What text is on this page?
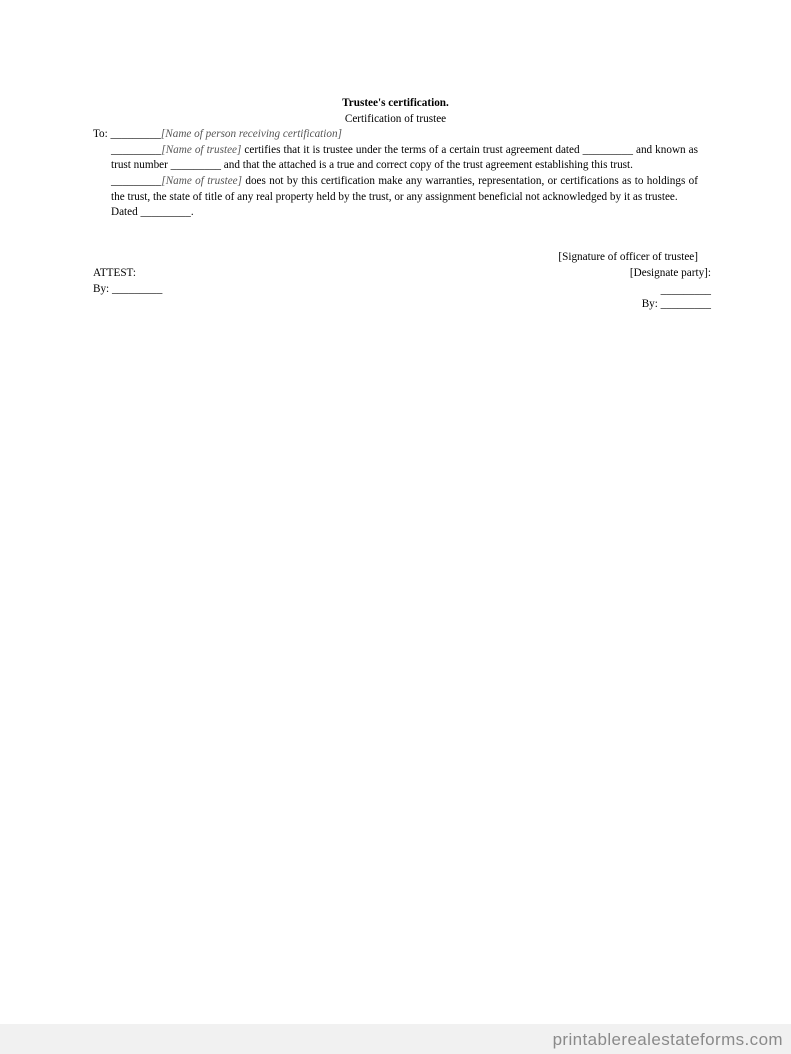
Trustee's certification.

Certification of trustee

To: _________[Name of person receiving certification]

_________[Name of trustee] certifies that it is trustee under the terms of a certain trust agreement dated _________ and known as trust number _________ and that the attached is a true and correct copy of the trust agreement establishing this trust.

_________[Name of trustee] does not by this certification make any warranties, representation, or certifications as to holdings of the trust, the state of title of any real property held by the trust, or any assignment beneficial not acknowledged by it as trustee.

Dated _________.

[Signature of officer of trustee]
[Designate party]:
_________
By: _________
ATTEST:
By: _________
printablerealestateforms.com
